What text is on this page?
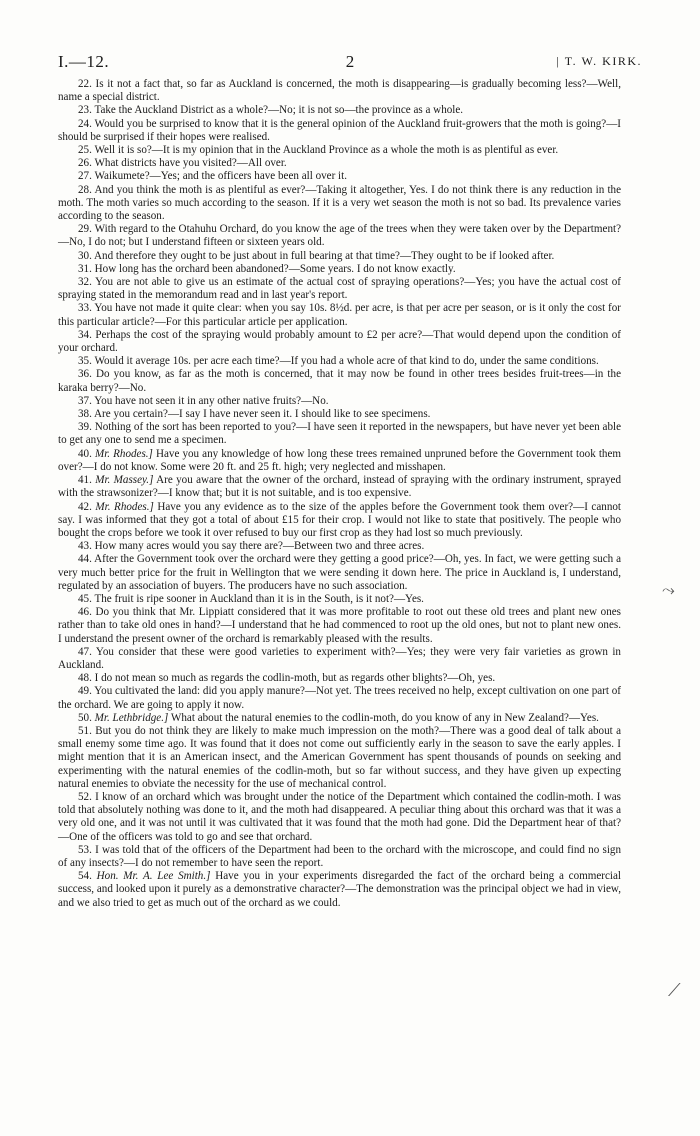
I.—12.	2	| T. W. KIRK.

22. Is it not a fact that, so far as Auckland is concerned, the moth is disappearing—is gradually becoming less?—Well, name a special district.

23. Take the Auckland District as a whole?—No; it is not so—the province as a whole.

24. Would you be surprised to know that it is the general opinion of the Auckland fruit-growers that the moth is going?—I should be surprised if their hopes were realised.

25. Well it is so?—It is my opinion that in the Auckland Province as a whole the moth is as plentiful as ever.

26. What districts have you visited?—All over.

27. Waikumete?—Yes; and the officers have been all over it.

28. And you think the moth is as plentiful as ever?—Taking it altogether, Yes. I do not think there is any reduction in the moth. The moth varies so much according to the season. If it is a very wet season the moth is not so bad. Its prevalence varies according to the season.

29. With regard to the Otahuhu Orchard, do you know the age of the trees when they were taken over by the Department?—No, I do not; but I understand fifteen or sixteen years old.

30. And therefore they ought to be just about in full bearing at that time?—They ought to be if looked after.

31. How long has the orchard been abandoned?—Some years. I do not know exactly.

32. You are not able to give us an estimate of the actual cost of spraying operations?—Yes; you have the actual cost of spraying stated in the memorandum read and in last year's report.

33. You have not made it quite clear: when you say 10s. 8½d. per acre, is that per acre per season, or is it only the cost for this particular article?—For this particular article per application.

34. Perhaps the cost of the spraying would probably amount to £2 per acre?—That would depend upon the condition of your orchard.

35. Would it average 10s. per acre each time?—If you had a whole acre of that kind to do, under the same conditions.

36. Do you know, as far as the moth is concerned, that it may now be found in other trees besides fruit-trees—in the karaka berry?—No.

37. You have not seen it in any other native fruits?—No.

38. Are you certain?—I say I have never seen it. I should like to see specimens.

39. Nothing of the sort has been reported to you?—I have seen it reported in the newspapers, but have never yet been able to get any one to send me a specimen.

40. Mr. Rhodes.] Have you any knowledge of how long these trees remained unpruned before the Government took them over?—I do not know. Some were 20 ft. and 25 ft. high; very neglected and misshapen.

41. Mr. Massey.] Are you aware that the owner of the orchard, instead of spraying with the ordinary instrument, sprayed with the strawsonizer?—I know that; but it is not suitable, and is too expensive.

42. Mr. Rhodes.] Have you any evidence as to the size of the apples before the Government took them over?—I cannot say. I was informed that they got a total of about £15 for their crop. I would not like to state that positively. The people who bought the crops before we took it over refused to buy our first crop as they had lost so much previously.

43. How many acres would you say there are?—Between two and three acres.

44. After the Government took over the orchard were they getting a good price?—Oh, yes. In fact, we were getting such a very much better price for the fruit in Wellington that we were sending it down here. The price in Auckland is, I understand, regulated by an association of buyers. The producers have no such association.

45. The fruit is ripe sooner in Auckland than it is in the South, is it not?—Yes.

46. Do you think that Mr. Lippiatt considered that it was more profitable to root out these old trees and plant new ones rather than to take old ones in hand?—I understand that he had commenced to root up the old ones, but not to plant new ones. I understand the present owner of the orchard is remarkably pleased with the results.

47. You consider that these were good varieties to experiment with?—Yes; they were very fair varieties as grown in Auckland.

48. I do not mean so much as regards the codlin-moth, but as regards other blights?—Oh, yes.

49. You cultivated the land: did you apply manure?—Not yet. The trees received no help, except cultivation on one part of the orchard. We are going to apply it now.

50. Mr. Lethbridge.] What about the natural enemies to the codlin-moth, do you know of any in New Zealand?—Yes.

51. But you do not think they are likely to make much impression on the moth?—There was a good deal of talk about a small enemy some time ago. It was found that it does not come out sufficiently early in the season to save the early apples. I might mention that it is an American insect, and the American Government has spent thousands of pounds on seeking and experimenting with the natural enemies of the codlin-moth, but so far without success, and they have given up expecting natural enemies to obviate the necessity for the use of mechanical control.

52. I know of an orchard which was brought under the notice of the Department which contained the codlin-moth. I was told that absolutely nothing was done to it, and the moth had disappeared. A peculiar thing about this orchard was that it was a very old one, and it was not until it was cultivated that it was found that the moth had gone. Did the Department hear of that?—One of the officers was told to go and see that orchard.

53. I was told that of the officers of the Department had been to the orchard with the microscope, and could find no sign of any insects?—I do not remember to have seen the report.

54. Hon. Mr. A. Lee Smith.] Have you in your experiments disregarded the fact of the orchard being a commercial success, and looked upon it purely as a demonstrative character?—The demonstration was the principal object we had in view, and we also tried to get as much out of the orchard as we could.

⤳
⟋
